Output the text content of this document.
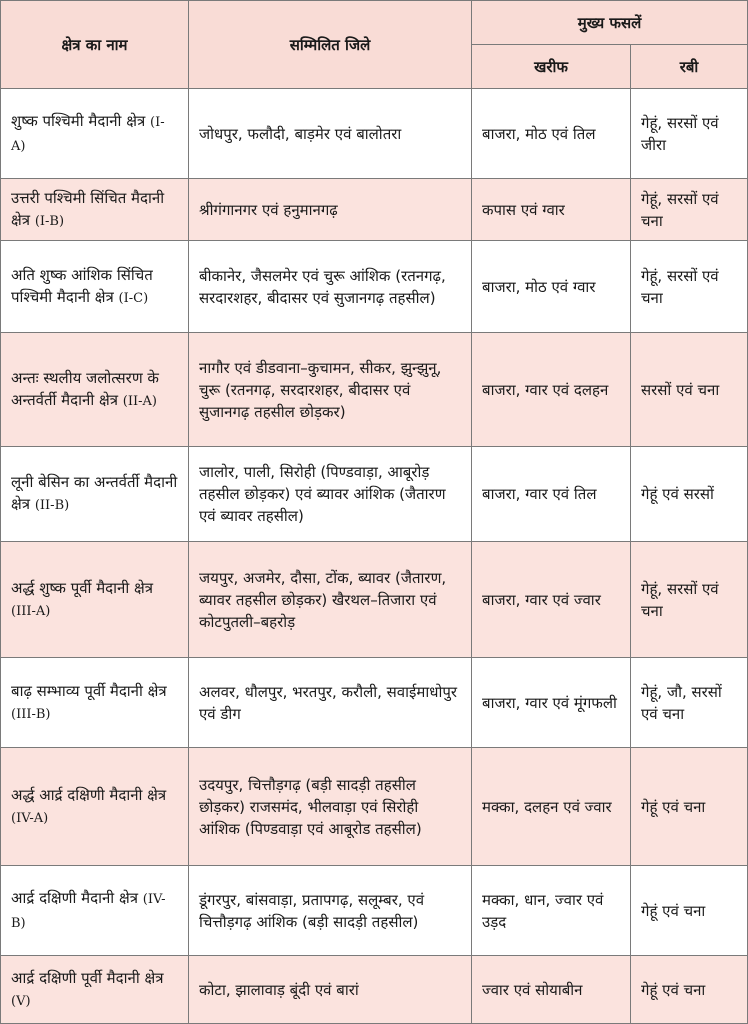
क्षेत्र का नाम	सम्मिलित जिले	मुख्य फसलें	
		खरीफ	रबी
शुष्क पश्चिमी मैदानी क्षेत्र (I-A)	जोधपुर, फलौदी, बाड़मेर एवं बालोतरा	बाजरा, मोठ एवं तिल	गेहूं, सरसों एवं जीरा
उत्तरी पश्चिमी सिंचित मैदानी क्षेत्र (I-B)	श्रीगंगानगर एवं हनुमानगढ़	कपास एवं ग्वार	गेहूं, सरसों एवं चना
अति शुष्क आंशिक सिंचित पश्चिमी मैदानी क्षेत्र (I-C)	बीकानेर, जैसलमेर एवं चुरू आंशिक (रतनगढ़, सरदारशहर, बीदासर एवं सुजानगढ़ तहसील)	बाजरा, मोठ एवं ग्वार	गेहूं, सरसों एवं चना
अन्तः स्थलीय जलोत्सरण के अन्तर्वर्ती मैदानी क्षेत्र (II-A)	नागौर एवं डीडवाना–कुचामन, सीकर, झुन्झुनू, चुरू (रतनगढ़, सरदारशहर, बीदासर एवं सुजानगढ़ तहसील छोड़कर)	बाजरा, ग्वार एवं दलहन	सरसों एवं चना
लूनी बेसिन का अन्तर्वर्ती मैदानी क्षेत्र (II-B)	जालोर, पाली, सिरोही (पिण्डवाड़ा, आबूरोड़ तहसील छोड़कर) एवं ब्यावर आंशिक (जैतारण एवं ब्यावर तहसील)	बाजरा, ग्वार एवं तिल	गेहूं एवं सरसों
अर्द्ध शुष्क पूर्वी मैदानी क्षेत्र (III-A)	जयपुर, अजमेर, दौसा, टोंक, ब्यावर (जैतारण, ब्यावर तहसील छोड़कर) खैरथल–तिजारा एवं कोटपुतली–बहरोड़	बाजरा, ग्वार एवं ज्वार	गेहूं, सरसों एवं चना
बाढ़ सम्भाव्य पूर्वी मैदानी क्षेत्र (III-B)	अलवर, धौलपुर, भरतपुर, करौली, सवाईमाधोपुर एवं डीग	बाजरा, ग्वार एवं मूंगफली	गेहूं, जौ, सरसों एवं चना
अर्द्ध आर्द्र दक्षिणी मैदानी क्षेत्र (IV-A)	उदयपुर, चित्तौड़गढ़ (बड़ी सादड़ी तहसील छोड़कर) राजसमंद, भीलवाड़ा एवं सिरोही आंशिक (पिण्डवाड़ा एवं आबूरोड तहसील)	मक्का, दलहन एवं ज्वार	गेहूं एवं चना
आर्द्र दक्षिणी मैदानी क्षेत्र (IV-B)	डूंगरपुर, बांसवाड़ा, प्रतापगढ़, सलूम्बर, एवं चित्तौड़गढ़ आंशिक (बड़ी सादड़ी तहसील)	मक्का, धान, ज्वार एवं उड़द	गेहूं एवं चना
आर्द्र दक्षिणी पूर्वी मैदानी क्षेत्र (V)	कोटा, झालावाड़ बूंदी एवं बारां	ज्वार एवं सोयाबीन	गेहूं एवं चना
